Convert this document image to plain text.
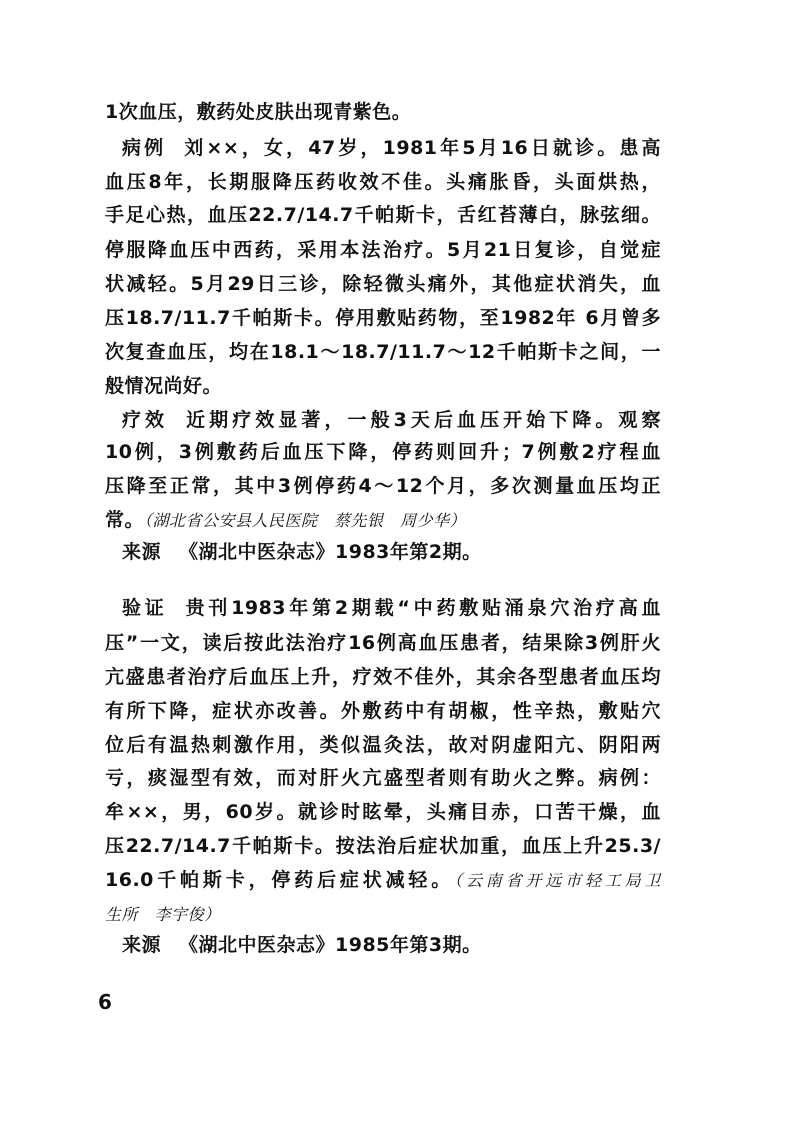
1次血压，敷药处皮肤出现青紫色。
病例 刘××，女，47岁，1981年5月16日就诊。患高
血压8年，长期服降压药收效不佳。头痛胀昏，头面烘热，
手足心热，血压22.7/14.7千帕斯卡，舌红苔薄白，脉弦细。
停服降血压中西药，采用本法治疗。5月21日复诊，自觉症
状减轻。5月29日三诊，除轻微头痛外，其他症状消失，血
压18.7/11.7千帕斯卡。停用敷贴药物，至1982年 6月曾多
次复查血压，均在18.1～18.7/11.7～12千帕斯卡之间，一
般情况尚好。
疗效 近期疗效显著，一般3天后血压开始下降。观察
10例，3例敷药后血压下降，停药则回升；7例敷2疗程血
压降至正常，其中3例停药4～12个月，多次测量血压均正
常。（湖北省公安县人民医院　蔡先银　周少华）
来源 《湖北中医杂志》1983年第2期。
验证 贵刊1983年第2期载“中药敷贴涌泉穴治疗高血
压”一文，读后按此法治疗16例高血压患者，结果除3例肝火
亢盛患者治疗后血压上升，疗效不佳外，其余各型患者血压均
有所下降，症状亦改善。外敷药中有胡椒，性辛热，敷贴穴
位后有温热刺激作用，类似温灸法，故对阴虚阳亢、阴阳两
亏，痰湿型有效，而对肝火亢盛型者则有助火之弊。病例：
牟××，男，60岁。就诊时眩晕，头痛目赤，口苦干燥，血
压22.7/14.7千帕斯卡。按法治后症状加重，血压上升25.3/
16.0千帕斯卡，停药后症状减轻。（云南省开远市轻工局卫
生所　李宇俊）
来源 《湖北中医杂志》1985年第3期。
6
